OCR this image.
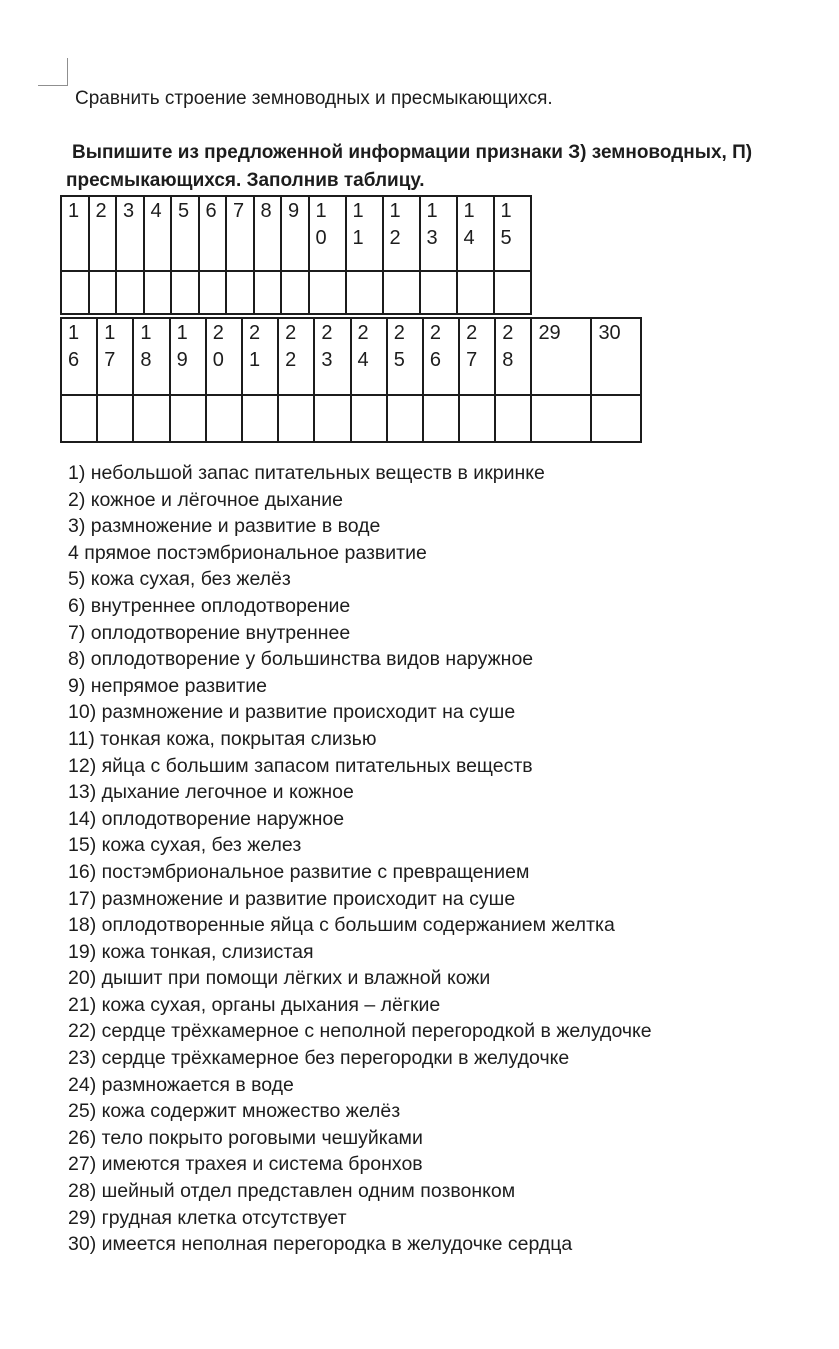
Сравнить строение земноводных и пресмыкающихся.
Выпишите из предложенной информации признаки З) земноводных, П)
пресмыкающихся. Заполнив таблицу.
1	2	3	4	5	6	7	8	9	10	11	12	13	14	15

16	17	18	19	20	21	22	23	24	25	26	27	28	29	30

1) небольшой запас питательных веществ в икринке
2) кожное и лёгочное дыхание
3) размножение и развитие в воде
4 прямое постэмбриональное развитие
5) кожа сухая, без желёз
6) внутреннее оплодотворение
7) оплодотворение внутреннее
8) оплодотворение у большинства видов наружное
9) непрямое развитие
10) размножение и развитие происходит на суше
11) тонкая кожа, покрытая слизью
12) яйца с большим запасом питательных веществ
13) дыхание легочное и кожное
14) оплодотворение наружное
15) кожа сухая, без желез
16) постэмбриональное развитие с превращением
17) размножение и развитие происходит на суше
18) оплодотворенные яйца с большим содержанием желтка
19) кожа тонкая, слизистая
20) дышит при помощи лёгких и влажной кожи
21) кожа сухая, органы дыхания – лёгкие
22) сердце трёхкамерное с неполной перегородкой в желудочке
23) сердце трёхкамерное без перегородки в желудочке
24) размножается в воде
25) кожа содержит множество желёз
26) тело покрыто роговыми чешуйками
27) имеются трахея и система бронхов
28) шейный отдел представлен одним позвонком
29) грудная клетка отсутствует
30) имеется неполная перегородка в желудочке сердца
